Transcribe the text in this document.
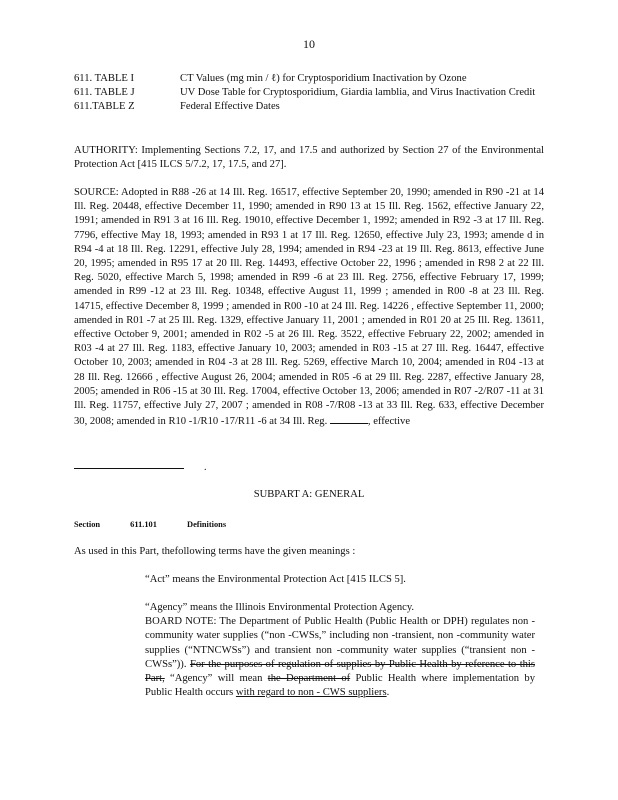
10
611. TABLE I	CT Values (mg min / ℓ) for Cryptosporidium Inactivation by Ozone
611. TABLE J	UV Dose Table for Cryptosporidium, Giardia lamblia, and Virus Inactivation Credit
611.TABLE Z	Federal Effective Dates
AUTHORITY: Implementing Sections 7.2, 17, and 17.5 and authorized by Section 27 of the Environmental Protection Act [415 ILCS 5/7.2, 17, 17.5, and 27].
SOURCE: Adopted in R88 -26 at 14 Ill. Reg. 16517, effective September 20, 1990; amended in R90 -21 at 14 Ill. Reg. 20448, effective December 11, 1990; amended in R90 13 at 15 Ill. Reg. 1562, effective January 22, 1991; amended in R91 3 at 16 Ill. Reg. 19010, effective December 1, 1992; amended in R92 -3 at 17 Ill. Reg. 7796, effective May 18, 1993; amended in R93 1 at 17 Ill. Reg. 12650, effective July 23, 1993; amende d in R94 -4 at 18 Ill. Reg. 12291, effective July 28, 1994; amended in R94 -23 at 19 Ill. Reg. 8613, effective June 20, 1995; amended in R95 17 at 20 Ill. Reg. 14493, effective October 22, 1996 ; amended in R98 2 at 22 Ill. Reg. 5020, effective March 5, 1998; amended in R99 -6 at 23 Ill. Reg. 2756, effective February 17, 1999; amended in R99 -12 at 23 Ill. Reg. 10348, effective August 11, 1999 ; amended in R00 -8 at 23 Ill. Reg. 14715, effective December 8, 1999 ; amended in R00 -10 at 24 Ill. Reg. 14226 , effective September 11, 2000; amended in R01 -7 at 25 Ill. Reg. 1329, effective January 11, 2001 ; amended in R01 20 at 25 Ill. Reg. 13611, effective October 9, 2001; amended in R02 -5 at 26 Ill. Reg. 3522, effective February 22, 2002; amended in R03 -4 at 27 Ill. Reg. 1183, effective January 10, 2003; amended in R03 -15 at 27 Ill. Reg. 16447, effective October 10, 2003; amended in R04 -3 at 28 Ill. Reg. 5269, effective March 10, 2004; amended in R04 -13 at 28 Ill. Reg. 12666 , effective August 26, 2004; amended in R05 -6 at 29 Ill. Reg. 2287, effective January 28, 2005; amended in R06 -15 at 30 Ill. Reg. 17004, effective October 13, 2006; amended in R07 -2/R07 -11 at 31 Ill. Reg. 11757, effective July 27, 2007 ; amended in R08 -7/R08 -13 at 33 Ill. Reg. 633, effective December 30, 2008; amended in R10 -1/R10 -17/R11 -6 at 34 Ill. Reg.	, effective
.
SUBPART A: GENERAL
Section	611.101	Definitions
As used in this Part, thefollowing terms have the given meanings :
“Act” means the Environmental Protection Act [415 ILCS 5].
“Agency” means the Illinois Environmental Protection Agency.
BOARD NOTE: The Department of Public Health (Public Health or DPH) regulates non -community water supplies (“non -CWSs,” including non -transient, non -community water supplies (“NTNCWSs”) and transient non -community water supplies (“transient non -CWSs”)). For the purposes of regulation of supplies by Public Health by reference to this Part, “Agency” will mean the Department of Public Health where implementation by Public Health occurs with regard to non - CWS suppliers.
